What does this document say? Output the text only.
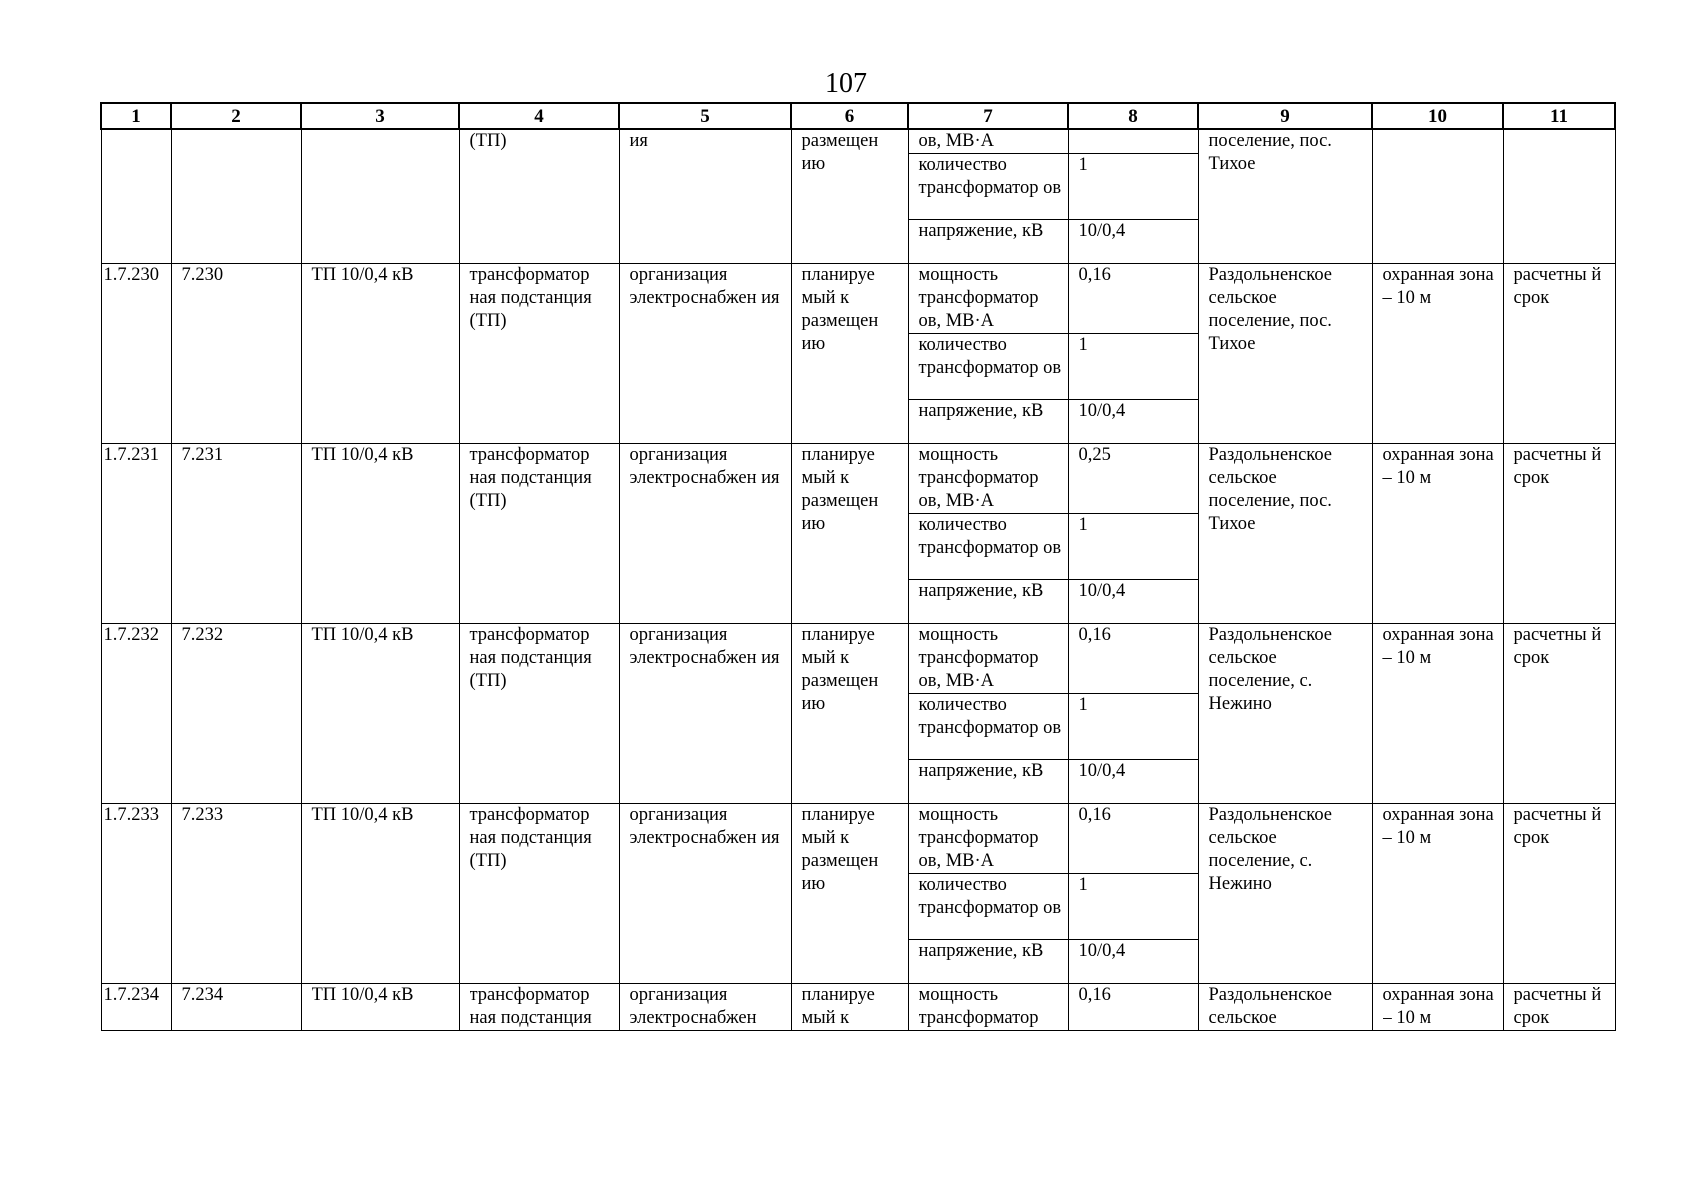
107
1	2	3	4	5	6	7	8	9	10	11
			(ТП)	ия	размещен ию	ов, МВ·А		поселение, пос. Тихое		
						количество трансформатор ов	1			
						напряжение, кВ	10/0,4			
1.7.230	7.230	ТП 10/0,4 кВ	трансформатор ная подстанция (ТП)	организация электроснабжен ия	планируе мый к размещен ию	мощность трансформатор ов, МВ·А	0,16	Раздольненское сельское поселение, пос. Тихое	охранная зона – 10 м	расчетны й срок
						количество трансформатор ов	1			
						напряжение, кВ	10/0,4			
1.7.231	7.231	ТП 10/0,4 кВ	трансформатор ная подстанция (ТП)	организация электроснабжен ия	планируе мый к размещен ию	мощность трансформатор ов, МВ·А	0,25	Раздольненское сельское поселение, пос. Тихое	охранная зона – 10 м	расчетны й срок
						количество трансформатор ов	1			
						напряжение, кВ	10/0,4			
1.7.232	7.232	ТП 10/0,4 кВ	трансформатор ная подстанция (ТП)	организация электроснабжен ия	планируе мый к размещен ию	мощность трансформатор ов, МВ·А	0,16	Раздольненское сельское поселение, с. Нежино	охранная зона – 10 м	расчетны й срок
						количество трансформатор ов	1			
						напряжение, кВ	10/0,4			
1.7.233	7.233	ТП 10/0,4 кВ	трансформатор ная подстанция (ТП)	организация электроснабжен ия	планируе мый к размещен ию	мощность трансформатор ов, МВ·А	0,16	Раздольненское сельское поселение, с. Нежино	охранная зона – 10 м	расчетны й срок
						количество трансформатор ов	1			
						напряжение, кВ	10/0,4			

1.7.234	7.234	ТП 10/0,4 кВ	трансформатор ная подстанция	организация электроснабжен	планируе мый к	мощность трансформатор	0,16	Раздольненское сельское	охранная зона – 10 м	расчетны й срок
